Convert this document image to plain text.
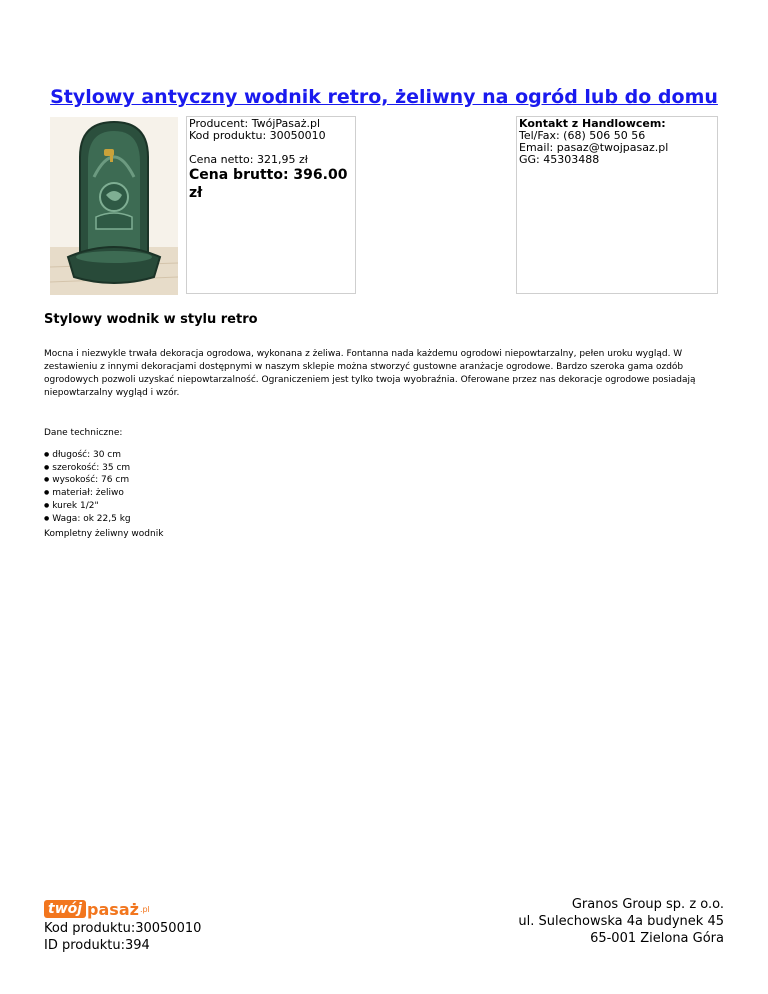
Stylowy antyczny wodnik retro, żeliwny na ogród lub do domu
Producent: TwójPasaż.pl
Kod produktu: 30050010
Cena netto: 321,95 zł
Cena brutto: 396.00 zł
Kontakt z Handlowcem:
Tel/Fax: (68) 506 50 56
Email: pasaz@twojpasaz.pl
GG: 45303488
Stylowy wodnik w stylu retro
Mocna i niezwykle trwała dekoracja ogrodowa, wykonana z żeliwa. Fontanna nada każdemu ogrodowi niepowtarzalny, pełen uroku wygląd. W zestawieniu z innymi dekoracjami dostępnymi w naszym sklepie można stworzyć gustowne aranżacje ogrodowe. Bardzo szeroka gama ozdób ogrodowych pozwoli uzyskać niepowtarzalność. Ograniczeniem jest tylko twoja wyobraźnia. Oferowane przez nas dekoracje ogrodowe posiadają niepowtarzalny wygląd i wzór.
Dane techniczne:
● długość: 30 cm
● szerokość: 35 cm
● wysokość: 76 cm
● materiał: żeliwo
● kurek 1/2"
● Waga: ok 22,5 kg
Kompletny żeliwny wodnik
twój pasaż .pl
Kod produktu:30050010
ID produktu:394
Granos Group sp. z o.o.
ul. Sulechowska 4a budynek 45
65-001 Zielona Góra
